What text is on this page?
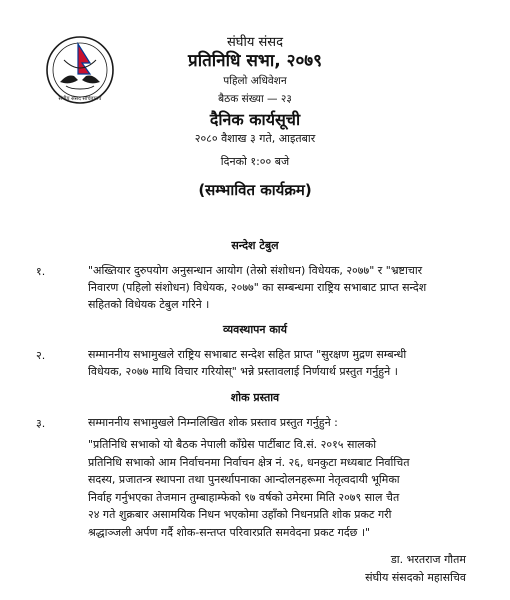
संघीय संसद सचिवालय
संघीय संसद
प्रतिनिधि सभा, २०७९
पहिलो अधिवेशन
बैठक संख्या — २३
दैनिक कार्यसूची
२०८० वैशाख ३ गते, आइतबार
दिनको १:०० बजे
(सम्भावित कार्यक्रम)
सन्देश टेबुल
१.	"अख्तियार दुरुपयोग अनुसन्धान आयोग (तेस्रो संशोधन) विधेयक, २०७७" र "भ्रष्टाचार
निवारण (पहिलो संशोधन) विधेयक, २०७७" का सम्बन्धमा राष्ट्रिय सभाबाट प्राप्त सन्देश
सहितको विधेयक टेबुल गरिने ।
व्यवस्थापन कार्य
२.	सम्माननीय सभामुखले राष्ट्रिय सभाबाट सन्देश सहित प्राप्त "सुरक्षण मुद्रण सम्बन्धी
विधेयक, २०७७ माथि विचार गरियोस्" भन्ने प्रस्तावलाई निर्णयार्थ प्रस्तुत गर्नुहुने ।
शोक प्रस्ताव
३.	सम्माननीय सभामुखले निम्नलिखित शोक प्रस्ताव प्रस्तुत गर्नुहुने :
"प्रतिनिधि सभाको यो बैठक नेपाली काँग्रेस पार्टीबाट वि.सं. २०१५ सालको
प्रतिनिधि सभाको आम निर्वाचनमा निर्वाचन क्षेत्र नं. २६, धनकुटा मध्यबाट निर्वाचित
सदस्य, प्रजातन्त्र स्थापना तथा पुनर्स्थापनाका आन्दोलनहरूमा नेतृत्वदायी भूमिका
निर्वाह गर्नुभएका तेजमान तुम्बाहाम्फेको ९७ वर्षको उमेरमा मिति २०७९ साल चैत
२४ गते शुक्रबार असामयिक निधन भएकोमा उहाँको निधनप्रति शोक प्रकट गरी
श्रद्धाञ्जली अर्पण गर्दै शोक-सन्तप्त परिवारप्रति समवेदना प्रकट गर्दछ ।"
डा. भरतराज गौतम
संघीय संसदको महासचिव
